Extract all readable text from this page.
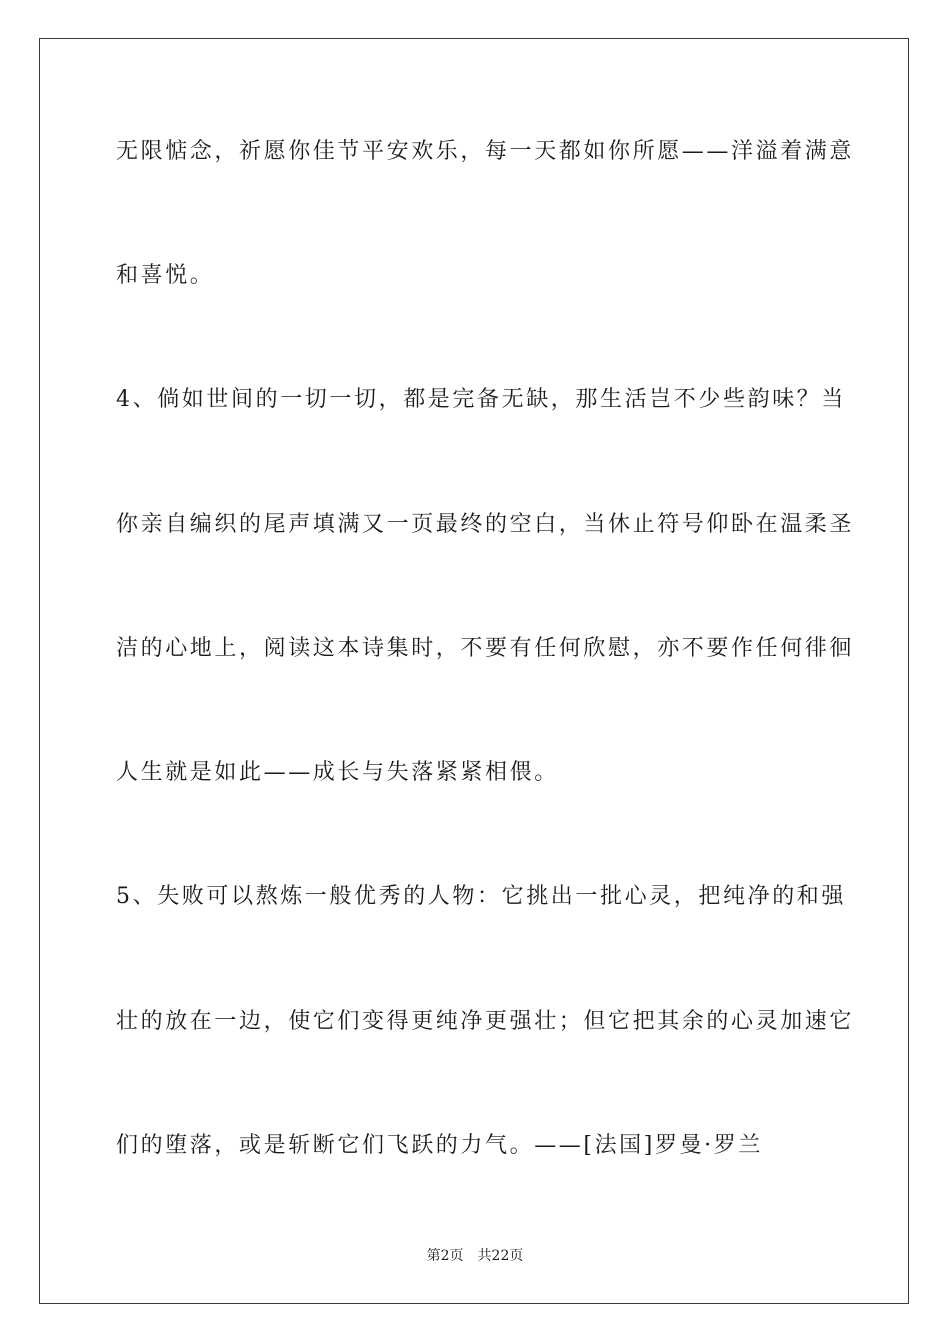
无限惦念，祈愿你佳节平安欢乐，每一天都如你所愿——洋溢着满意
和喜悦。
4、倘如世间的一切一切，都是完备无缺，那生活岂不少些韵味？当
你亲自编织的尾声填满又一页最终的空白，当休止符号仰卧在温柔圣
洁的心地上，阅读这本诗集时，不要有任何欣慰，亦不要作任何徘徊
人生就是如此——成长与失落紧紧相偎。
5、失败可以熬炼一般优秀的人物：它挑出一批心灵，把纯净的和强
壮的放在一边，使它们变得更纯净更强壮；但它把其余的心灵加速它
们的堕落，或是斩断它们飞跃的力气。——[法国]罗曼·罗兰
第2页 共22页
